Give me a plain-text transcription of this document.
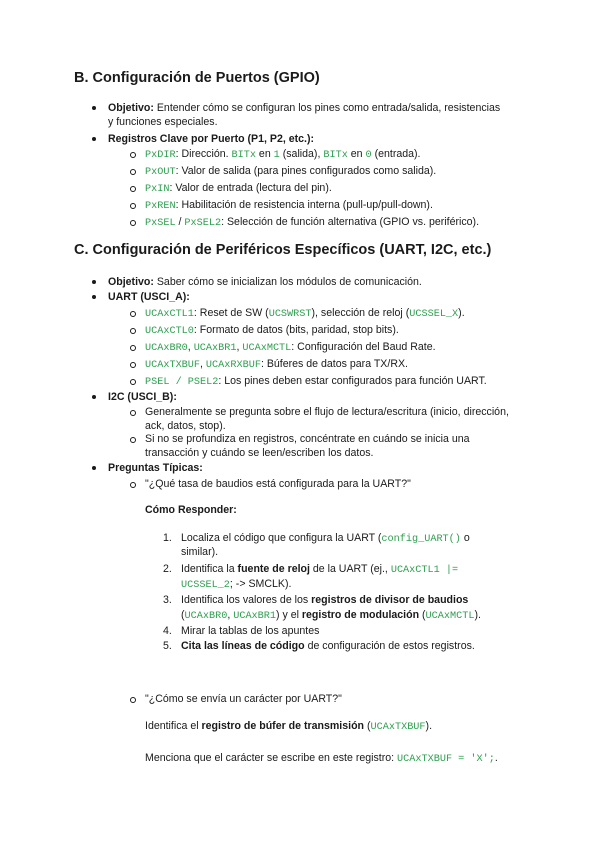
B. Configuración de Puertos (GPIO)
Objetivo: Entender cómo se configuran los pines como entrada/salida, resistencias
y funciones especiales.
Registros Clave por Puerto (P1, P2, etc.):
PxDIR: Dirección. BITx en 1 (salida), BITx en 0 (entrada).
PxOUT: Valor de salida (para pines configurados como salida).
PxIN: Valor de entrada (lectura del pin).
PxREN: Habilitación de resistencia interna (pull-up/pull-down).
PxSEL / PxSEL2: Selección de función alternativa (GPIO vs. periférico).
C. Configuración de Periféricos Específicos (UART, I2C, etc.)
Objetivo: Saber cómo se inicializan los módulos de comunicación.
UART (USCI_A):
UCAxCTL1: Reset de SW (UCSWRST), selección de reloj (UCSSEL_X).
UCAxCTL0: Formato de datos (bits, paridad, stop bits).
UCAxBR0, UCAxBR1, UCAxMCTL: Configuración del Baud Rate.
UCAxTXBUF, UCAxRXBUF: Búferes de datos para TX/RX.
PSEL / PSEL2: Los pines deben estar configurados para función UART.
I2C (USCI_B):
Generalmente se pregunta sobre el flujo de lectura/escritura (inicio, dirección,
ack, datos, stop).
Si no se profundiza en registros, concéntrate en cuándo se inicia una
transacción y cuándo se leen/escriben los datos.
Preguntas Típicas:
"¿Qué tasa de baudios está configurada para la UART?"
Cómo Responder:
1. Localiza el código que configura la UART (config_UART() o
similar).
2. Identifica la fuente de reloj de la UART (ej., UCAxCTL1 |=
UCSSEL_2; -> SMCLK).
3. Identifica los valores de los registros de divisor de baudios
(UCAxBR0, UCAxBR1) y el registro de modulación (UCAxMCTL).
4. Mirar la tablas de los apuntes
5. Cita las líneas de código de configuración de estos registros.
"¿Cómo se envía un carácter por UART?"
Identifica el registro de búfer de transmisión (UCAxTXBUF).
Menciona que el carácter se escribe en este registro: UCAxTXBUF = 'X';.
